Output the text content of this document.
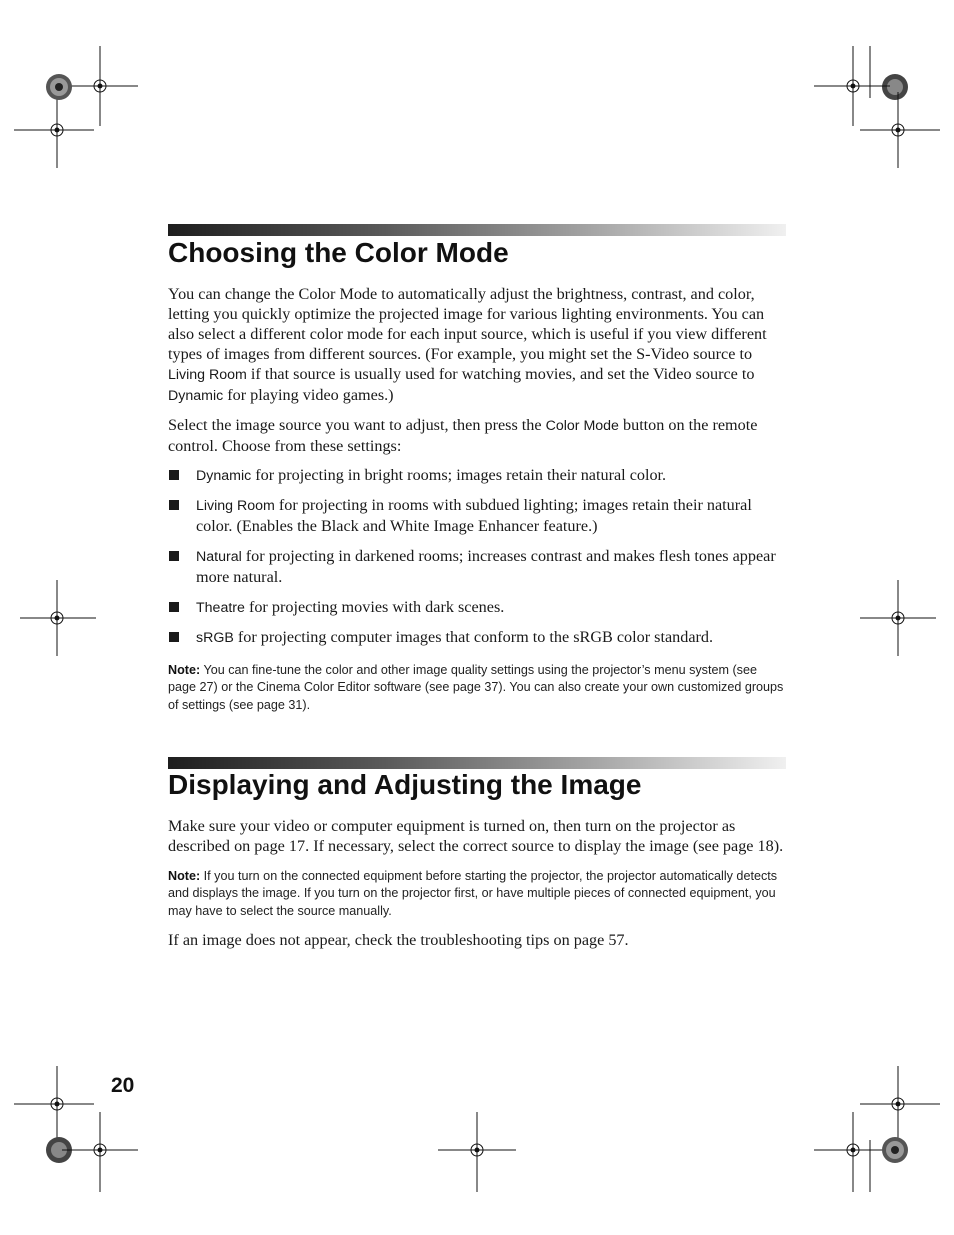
Choosing the Color Mode

You can change the Color Mode to automatically adjust the brightness, contrast, and color, letting you quickly optimize the projected image for various lighting environments. You can also select a different color mode for each input source, which is useful if you view different types of images from different sources. (For example, you might set the S-Video source to Living Room if that source is usually used for watching movies, and set the Video source to Dynamic for playing video games.)

Select the image source you want to adjust, then press the Color Mode button on the remote control. Choose from these settings:

Dynamic for projecting in bright rooms; images retain their natural color.
Living Room for projecting in rooms with subdued lighting; images retain their natural color. (Enables the Black and White Image Enhancer feature.)
Natural for projecting in darkened rooms; increases contrast and makes flesh tones appear more natural.
Theatre for projecting movies with dark scenes.
sRGB for projecting computer images that conform to the sRGB color standard.

Note: You can fine-tune the color and other image quality settings using the projector’s menu system (see page 27) or the Cinema Color Editor software (see page 37). You can also create your own customized groups of settings (see page 31).

Displaying and Adjusting the Image

Make sure your video or computer equipment is turned on, then turn on the projector as described on page 17. If necessary, select the correct source to display the image (see page 18).

Note: If you turn on the connected equipment before starting the projector, the projector automatically detects and displays the image. If you turn on the projector first, or have multiple pieces of connected equipment, you may have to select the source manually.

If an image does not appear, check the troubleshooting tips on page 57.

20
